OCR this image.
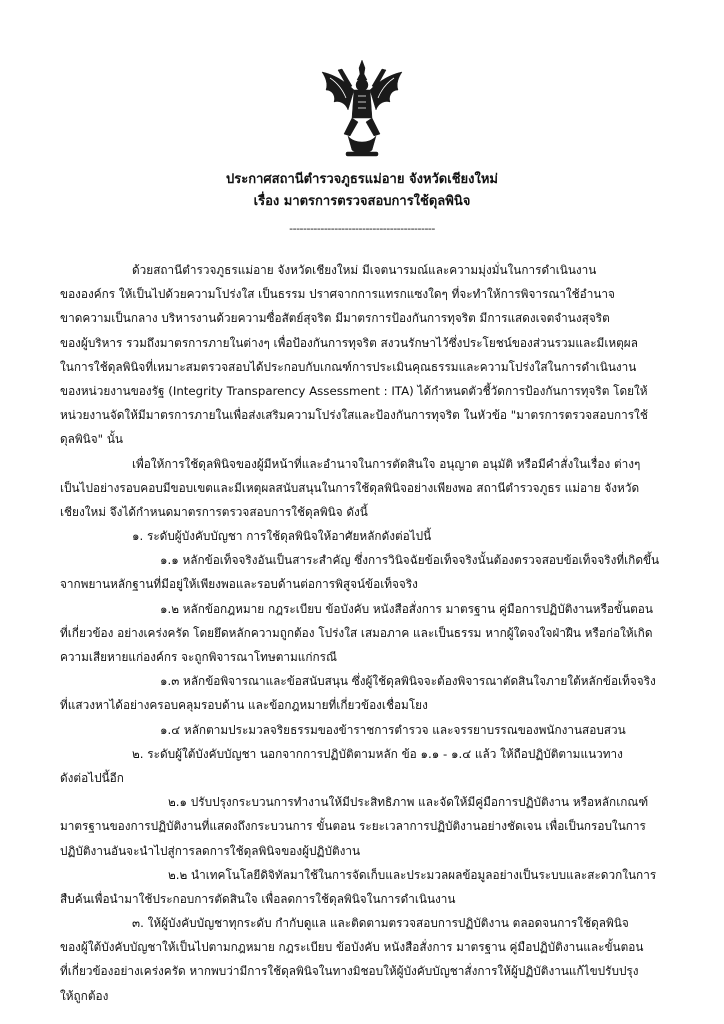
ประกาศสถานีตำรวจภูธรแม่อาย จังหวัดเชียงใหม่
เรื่อง มาตรการตรวจสอบการใช้ดุลพินิจ
------------------------------------------
ด้วยสถานีตำรวจภูธรแม่อาย จังหวัดเชียงใหม่ มีเจตนารมณ์และความมุ่งมั่นในการดำเนินงาน
ขององค์กร ให้เป็นไปด้วยความโปร่งใส เป็นธรรม ปราศจากการแทรกแซงใดๆ ที่จะทำให้การพิจารณาใช้อำนาจ
ขาดความเป็นกลาง บริหารงานด้วยความซื่อสัตย์สุจริต มีมาตรการป้องกันการทุจริต มีการแสดงเจตจำนงสุจริต
ของผู้บริหาร รวมถึงมาตรการภายในต่างๆ เพื่อป้องกันการทุจริต สงวนรักษาไว้ซึ่งประโยชน์ของส่วนรวมและมีเหตุผล
ในการใช้ดุลพินิจที่เหมาะสมตรวจสอบได้ประกอบกับเกณฑ์การประเมินคุณธรรมและความโปร่งใสในการดำเนินงาน
ของหน่วยงานของรัฐ (Integrity Transparency Assessment : ITA) ได้กำหนดตัวชี้วัดการป้องกันการทุจริต โดยให้
หน่วยงานจัดให้มีมาตรการภายในเพื่อส่งเสริมความโปร่งใสและป้องกันการทุจริต ในหัวข้อ "มาตรการตรวจสอบการใช้
ดุลพินิจ" นั้น
เพื่อให้การใช้ดุลพินิจของผู้มีหน้าที่และอำนาจในการตัดสินใจ อนุญาต อนุมัติ หรือมีคำสั่งในเรื่อง ต่างๆ
เป็นไปอย่างรอบคอบมีขอบเขตและมีเหตุผลสนับสนุนในการใช้ดุลพินิจอย่างเพียงพอ สถานีตำรวจภูธร แม่อาย จังหวัด
เชียงใหม่ จึงได้กำหนดมาตรการตรวจสอบการใช้ดุลพินิจ ดังนี้
๑. ระดับผู้บังคับบัญชา การใช้ดุลพินิจให้อาศัยหลักดังต่อไปนี้
๑.๑ หลักข้อเท็จจริงอันเป็นสาระสำคัญ ซึ่งการวินิจฉัยข้อเท็จจริงนั้นต้องตรวจสอบข้อเท็จจริงที่เกิดขึ้น
จากพยานหลักฐานที่มีอยู่ให้เพียงพอและรอบด้านต่อการพิสูจน์ข้อเท็จจริง
๑.๒ หลักข้อกฎหมาย กฎระเบียบ ข้อบังคับ หนังสือสั่งการ มาตรฐาน คู่มือการปฏิบัติงานหรือขั้นตอน
ที่เกี่ยวข้อง อย่างเคร่งครัด โดยยึดหลักความถูกต้อง โปร่งใส เสมอภาค และเป็นธรรม หากผู้ใดจงใจฝ่าฝืน หรือก่อให้เกิด
ความเสียหายแก่องค์กร จะถูกพิจารณาโทษตามแก่กรณี
๑.๓ หลักข้อพิจารณาและข้อสนับสนุน ซึ่งผู้ใช้ดุลพินิจจะต้องพิจารณาตัดสินใจภายใต้หลักข้อเท็จจริง
ที่แสวงหาได้อย่างครอบคลุมรอบด้าน และข้อกฎหมายที่เกี่ยวข้องเชื่อมโยง
๑.๔ หลักตามประมวลจริยธรรมของข้าราชการตำรวจ และจรรยาบรรณของพนักงานสอบสวน
๒. ระดับผู้ใต้บังคับบัญชา นอกจากการปฏิบัติตามหลัก ข้อ ๑.๑ - ๑.๔ แล้ว ให้ถือปฏิบัติตามแนวทาง
ดังต่อไปนี้อีก
๒.๑ ปรับปรุงกระบวนการทำงานให้มีประสิทธิภาพ และจัดให้มีคู่มือการปฏิบัติงาน หรือหลักเกณฑ์
มาตรฐานของการปฏิบัติงานที่แสดงถึงกระบวนการ ขั้นตอน ระยะเวลาการปฏิบัติงานอย่างชัดเจน เพื่อเป็นกรอบในการ
ปฏิบัติงานอันจะนำไปสู่การลดการใช้ดุลพินิจของผู้ปฏิบัติงาน
๒.๒ นำเทคโนโลยีดิจิทัลมาใช้ในการจัดเก็บและประมวลผลข้อมูลอย่างเป็นระบบและสะดวกในการ
สืบค้นเพื่อนำมาใช้ประกอบการตัดสินใจ เพื่อลดการใช้ดุลพินิจในการดำเนินงาน
๓. ให้ผู้บังคับบัญชาทุกระดับ กำกับดูแล และติดตามตรวจสอบการปฏิบัติงาน ตลอดจนการใช้ดุลพินิจ
ของผู้ใต้บังคับบัญชาให้เป็นไปตามกฎหมาย กฎระเบียบ ข้อบังคับ หนังสือสั่งการ มาตรฐาน คู่มือปฏิบัติงานและขั้นตอน
ที่เกี่ยวข้องอย่างเคร่งครัด หากพบว่ามีการใช้ดุลพินิจในทางมิชอบให้ผู้บังคับบัญชาสั่งการให้ผู้ปฏิบัติงานแก้ไขปรับปรุง
ให้ถูกต้อง
